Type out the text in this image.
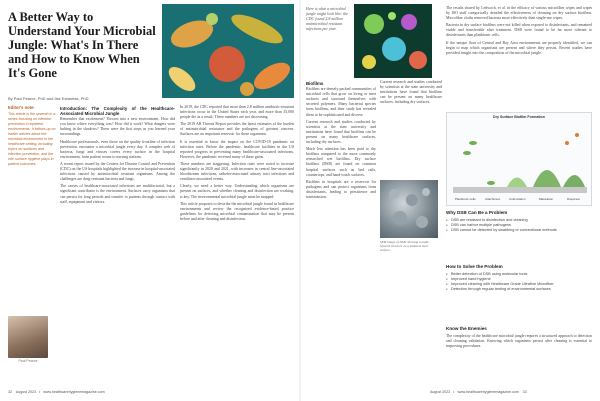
A Better Way to Understand Your Microbial Jungle: What's In There and How to Know When It's Gone
By Paul Pearce, PhD and Ilse Estarelas, PhD
Editor's note:
This article is the seventh in a series focusing on infection prevention in inpatient environments. It follows up on earlier articles about the microbial environment in the healthcare setting, including topics on surfaces and infection prevention, and the role surface hygiene plays in patient outcomes.
Paul Pearce
Introduction: The Complexity of the Healthcare-Associated Microbial Jungle

Remember that excitement? Thrown into a new environment. How did you know where everything was? How did it work? What dangers were lurking in the shadows? These were the first steps as you learned your surroundings.

Healthcare professionals, even those on the quality frontline of infection prevention, encounter a microbial jungle every day. A complex web of bacteria, fungi and viruses covers every surface in the hospital environment, from patient rooms to nursing stations.

A recent report issued by the Centers for Disease Control and Prevention (CDC) on the US hospitals highlighted the increase in hospital-associated infections caused by antimicrobial resistant organisms. Among the challenges are drug-resistant bacteria and fungi.

The causes of healthcare-associated infections are multifactorial, but a significant contributor is the environment. Surfaces carry organisms that can persist for long periods and transfer to patients through contact with staff, equipment and visitors.

In 2019, the CDC reported that more than 2.8 million antibiotic-resistant infections occur in the United States each year, and more than 35,000 people die as a result. These numbers are not decreasing.

The 2019 AR Threats Report provides the latest estimates of the burden of antimicrobial resistance and the pathogens of greatest concern. Surfaces are an important reservoir for these organisms.

It is essential to know the impact on the COVID-19 pandemic on infection rates. Before the pandemic, healthcare facilities in the US reported progress in preventing many healthcare-associated infections. However, the pandemic reversed many of these gains.

These numbers are staggering. Infection rates were noted to increase significantly in 2020 and 2021, with increases in central line-associated bloodstream infections, catheter-associated urinary tract infections and ventilator-associated events.

Clearly, we need a better way. Understanding which organisms are present on surfaces, and whether cleaning and disinfection are working, is key. The environmental microbial jungle must be mapped.

This article proposes to describe the microbial jungle found in healthcare environments and review the recognized evidence-based practice guidelines for detecting microbial contamination that may be present before and after cleaning and disinfection.

32 August 2023   •   www.healthcarehygienemagazine.com
Here is what a microbial jungle might look like: the CDC found 2.8 million antimicrobial resistant infections per year.
Biofilms

Biofilms are densely packed communities of microbial cells that grow on living or inert surfaces and surround themselves with secreted polymers. Many bacterial species form biofilms, and their study has revealed them to be sophisticated and diverse.

Current research and studies conducted by scientists at the state university and institutions have found that biofilms can be present on many healthcare surfaces, including dry surfaces.

Much less attention has been paid to dry biofilms compared to the more commonly researched wet biofilms. Dry surface biofilms (DSB) are found on common hospital surfaces such as bed rails, countertops, and hand-touch surfaces.

Biofilms in hospitals are a reservoir for pathogens and can protect organisms from disinfectants, leading to persistence and transmission.

Current research and studies conducted by scientists at the state university and institutions have found that biofilms can be present on many healthcare surfaces, including dry surfaces.

SEM image of DSB, showing a multi-layered structure on a stainless steel surface.

The results shared by Ledwoch, et al. in the efficacy of various microfiber wipes and wipes by ISO staff categorically detailed the effectiveness of cleaning on dry surface biofilms. Microfiber cloths removed bacteria more effectively than single-use wipes.

Bacteria in dry surface biofilms were not killed when exposed to disinfectants, and remained viable and transferable after treatment. DSB were found to be far more tolerant to disinfectants than planktonic cells.

If the unique flora of Central and Bay Area environments are properly identified, we can begin to map which organisms are present and where they persist. Recent studies have provided insight into the composition of the microbial jungle.

Dry Surface Biofilm Formation
Planktonic cells	Attachment	Colonization	Maturation	Dispersal
Why DSB Can Be a Problem
● DSB are resistant to disinfection and cleaning
● DSB can harbor multiple pathogens
● DSB cannot be detected by swabbing or conventional methods
How to Solve the Problem
● Better detection of DSB using molecular tools
● Improved hand hygiene
● Improved cleaning with Healthcare Grade Ultrafine Microfiber
● Detection through regular testing of environmental surfaces
Know the Enemies
The complexity of the healthcare microbial jungle requires a structured approach to detection and cleaning validation. Knowing which organisms persist after cleaning is essential to improving procedures.
August 2023   •   www.healthcarehygienemagazine.com 33
